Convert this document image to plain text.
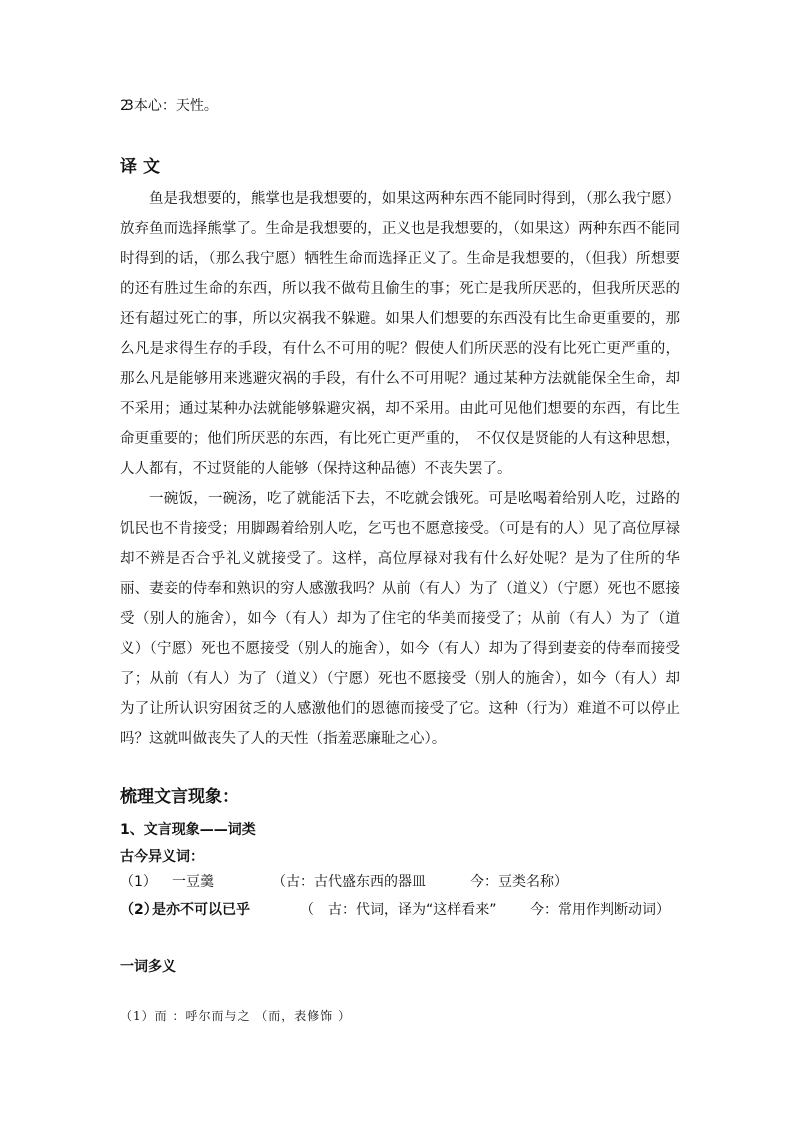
23 本心：天性。
译文

鱼是我想要的，熊掌也是我想要的，如果这两种东西不能同时得到，（那么我宁愿）放弃鱼而选择熊掌了。生命是我想要的，正义也是我想要的，（如果这）两种东西不能同时得到的话，（那么我宁愿）牺牲生命而选择正义了。生命是我想要的，（但我）所想要的还有胜过生命的东西，所以我不做苟且偷生的事；死亡是我所厌恶的，但我所厌恶的还有超过死亡的事，所以灾祸我不躲避。如果人们想要的东西没有比生命更重要的，那么凡是求得生存的手段，有什么不可用的呢？假使人们所厌恶的没有比死亡更严重的，那么凡是能够用来逃避灾祸的手段，有什么不可用呢？通过某种方法就能保全生命，却不采用；通过某种办法就能够躲避灾祸，却不采用。由此可见他们想要的东西，有比生命更重要的；他们所厌恶的东西，有比死亡更严重的，　不仅仅是贤能的人有这种思想，人人都有，不过贤能的人能够（保持这种品德）不丧失罢了。

一碗饭，一碗汤，吃了就能活下去，不吃就会饿死。可是吆喝着给别人吃，过路的饥民也不肯接受；用脚踢着给别人吃，乞丐也不愿意接受。（可是有的人）见了高位厚禄却不辨是否合乎礼义就接受了。这样，高位厚禄对我有什么好处呢？是为了住所的华丽、妻妾的侍奉和熟识的穷人感激我吗？从前（有人）为了（道义）（宁愿）死也不愿接受（别人的施舍），如今（有人）却为了住宅的华美而接受了；从前（有人）为了（道义）（宁愿）死也不愿接受（别人的施舍），如今（有人）却为了得到妻妾的侍奉而接受了；从前（有人）为了（道义）（宁愿）死也不愿接受（别人的施舍），如今（有人）却为了让所认识穷困贫乏的人感激他们的恩德而接受了它。这种（行为）难道不可以停止吗？这就叫做丧失了人的天性（指羞恶廉耻之心）。

梳理文言现象：
1、文言现象——词类
古今异义词：
（1） 一豆羹	（古：古代盛东西的器皿	今：豆类名称）
（2）是亦不可以已乎	（　古：代词，译为“这样看来” 今：常用作判断动词）
一词多义
（1）而 ：呼尔而与之 （而，表修饰 ）
